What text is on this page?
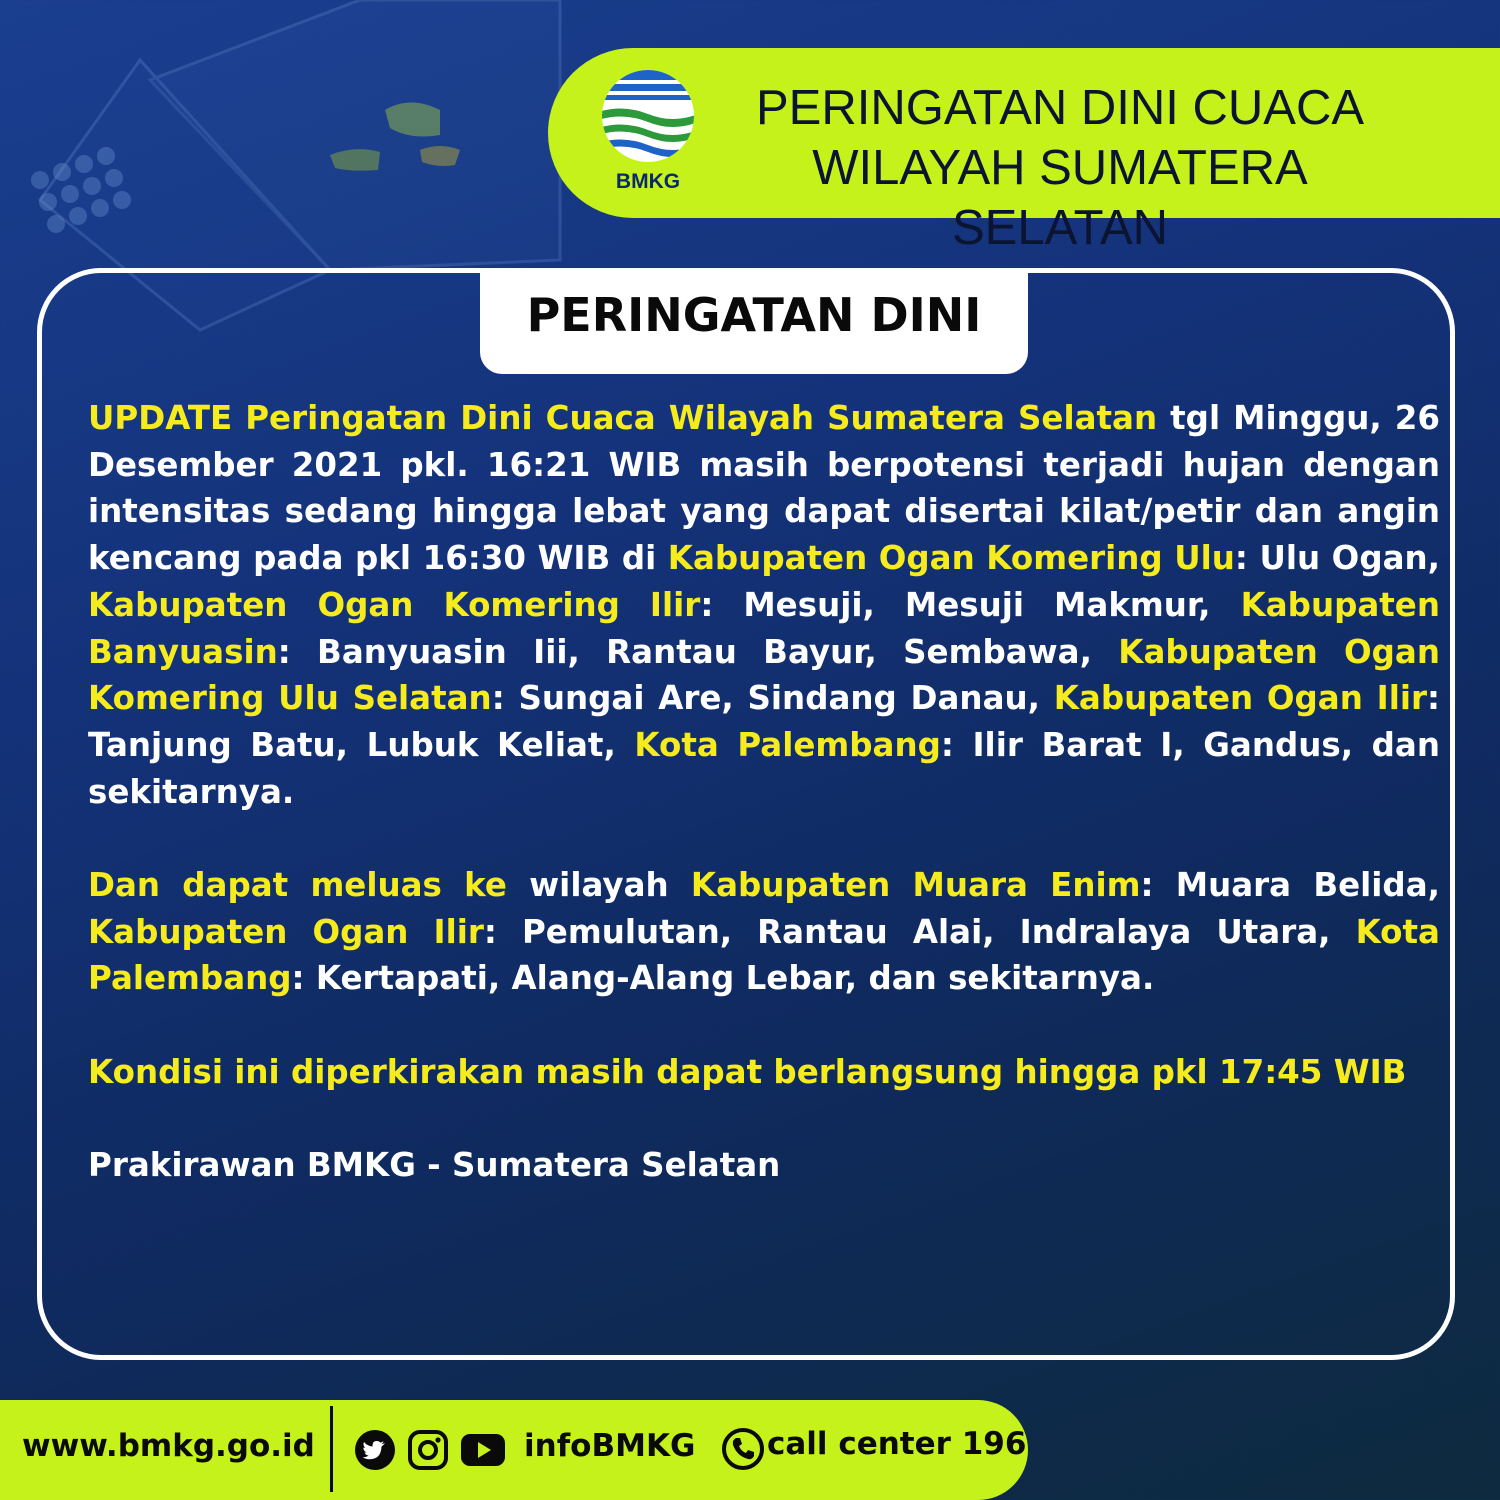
BMKG
PERINGATAN DINI CUACA
WILAYAH SUMATERA SELATAN
PERINGATAN DINI

UPDATE Peringatan Dini Cuaca Wilayah Sumatera Selatan tgl Minggu, 26 Desember 2021 pkl. 16:21 WIB masih berpotensi terjadi hujan dengan intensitas sedang hingga lebat yang dapat disertai kilat/petir dan angin kencang pada pkl 16:30 WIB di Kabupaten Ogan Komering Ulu: Ulu Ogan, Kabupaten Ogan Komering Ilir: Mesuji, Mesuji Makmur, Kabupaten Banyuasin: Banyuasin Iii, Rantau Bayur, Sembawa, Kabupaten Ogan Komering Ulu Selatan: Sungai Are, Sindang Danau, Kabupaten Ogan Ilir: Tanjung Batu, Lubuk Keliat, Kota Palembang: Ilir Barat I, Gandus, dan sekitarnya.

Dan dapat meluas ke wilayah Kabupaten Muara Enim: Muara Belida, Kabupaten Ogan Ilir: Pemulutan, Rantau Alai, Indralaya Utara, Kota Palembang: Kertapati, Alang-Alang Lebar, dan sekitarnya.

Kondisi ini diperkirakan masih dapat berlangsung hingga pkl 17:45 WIB

Prakirawan BMKG - Sumatera Selatan

www.bmkg.go.id	infoBMKG call center 196
